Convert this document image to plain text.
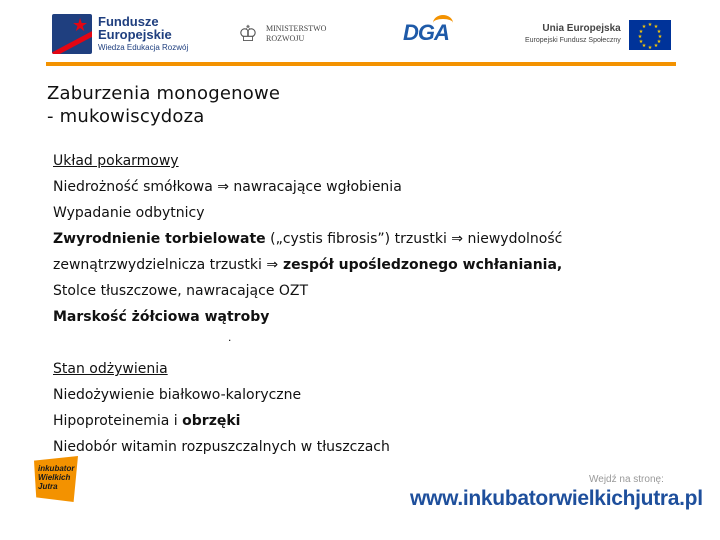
★ Fundusze
Europejskie
Wiedza Edukacja Rozwój
♔ MINISTERSTWO
ROZWOJU	DGA	Unia Europejska
Europejski Fundusz Społeczny
★ ★
★
★
★
★
★
★
★
★
★
★
Zaburzenia monogenowe
- mukowiscydoza

Układ pokarmowy

Niedrożność smółkowa ⇒ nawracające wgłobienia

Wypadanie odbytnicy

Zwyrodnienie torbielowate („cystis fibrosis”) trzustki ⇒ niewydolność

zewnątrzwydzielnicza trzustki ⇒ zespół upośledzonego wchłaniania,

Stolce tłuszczowe, nawracające OZT

Marskość żółciowa wątroby

Stan odżywienia

Niedożywienie białkowo-kaloryczne

Hipoproteinemia i obrzęki

Niedobór witamin rozpuszczalnych w tłuszczach

.
inkubator
Wielkich
Jutra
Wejdź na stronę:
www.inkubatorwielkichjutra.pl
